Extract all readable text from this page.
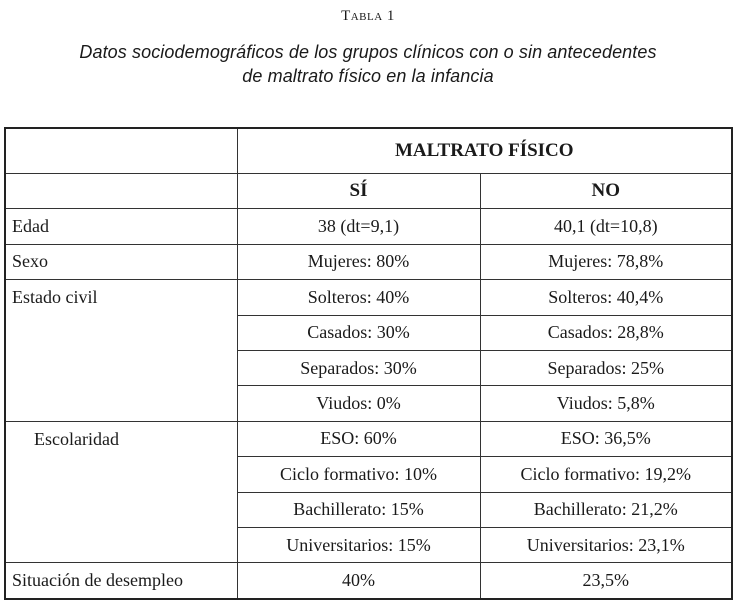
Tabla 1
Datos sociodemográficos de los grupos clínicos con o sin antecedentes
de maltrato físico en la infancia
	MALTRATO FÍSICO	
	SÍ	NO
Edad	38 (dt=9,1)	40,1 (dt=10,8)
Sexo	Mujeres: 80%	Mujeres: 78,8%
Estado civil	Solteros: 40%	Solteros: 40,4%
	Casados: 30%	Casados: 28,8%
	Separados: 30%	Separados: 25%
	Viudos: 0%	Viudos: 5,8%
Escolaridad	ESO: 60%	ESO: 36,5%
	Ciclo formativo: 10%	Ciclo formativo: 19,2%
	Bachillerato: 15%	Bachillerato: 21,2%
	Universitarios: 15%	Universitarios: 23,1%
Situación de desempleo	40%	23,5%
